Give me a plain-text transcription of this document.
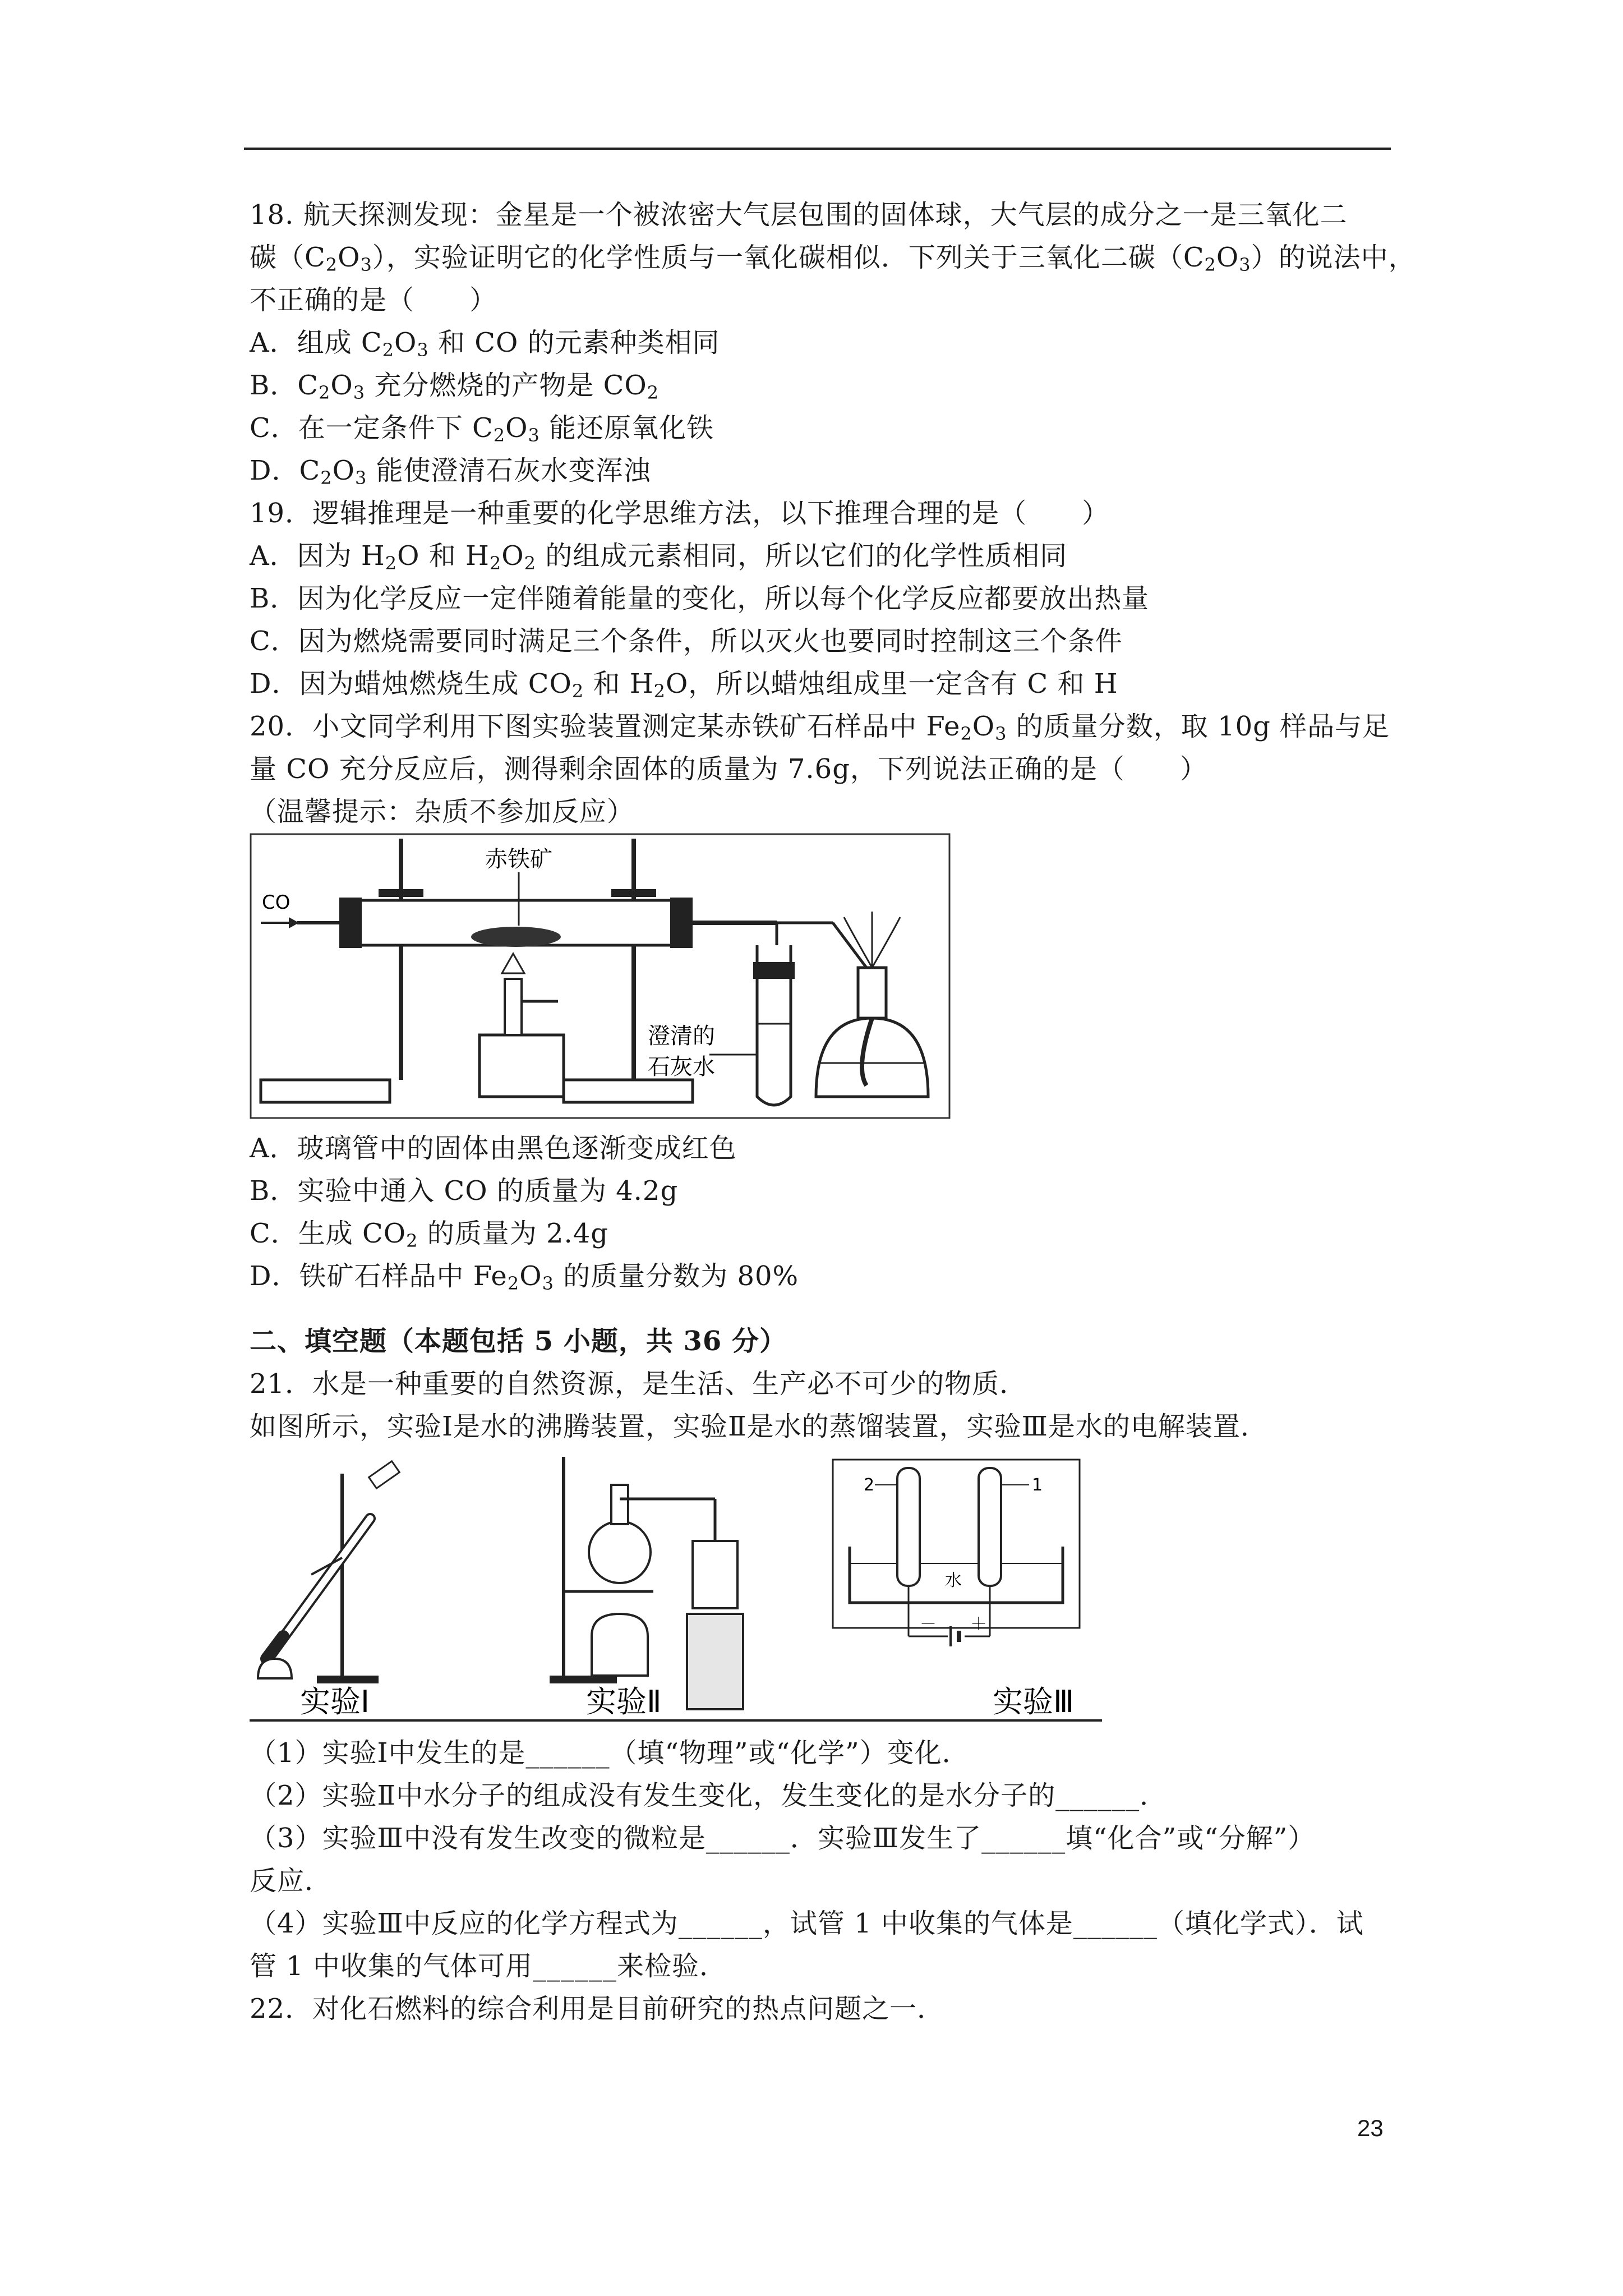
18. 航天探测发现：金星是一个被浓密大气层包围的固体球，大气层的成分之一是三氧化二
碳$(C_2O_3)$，实验证明它的化学性质与一氧化碳相似．下列关于三氧化二碳$(C_2O_3)$的说法中，
不正确的是（　　）
A．组成 $C_2O_3$ 和 CO 的元素种类相同
B．$C_2O_3$ 充分燃烧的产物是 $CO_2$
C．在一定条件下 $C_2O_3$ 能还原氧化铁
D．$C_2O_3$ 能使澄清石灰水变浑浊
19．逻辑推理是一种重要的化学思维方法，以下推理合理的是（　　）
A．因为 $H_2O$ 和 $H_2O_2$ 的组成元素相同，所以它们的化学性质相同
B．因为化学反应一定伴随着能量的变化，所以每个化学反应都要放出热量
C．因为燃烧需要同时满足三个条件，所以灭火也要同时控制这三个条件
D．因为蜡烛燃烧生成 $CO_2$ 和 $H_2O$，所以蜡烛组成里一定含有 C 和 H
20．小文同学利用下图实验装置测定某赤铁矿石样品中 $Fe_2O_3$ 的质量分数，取 10g 样品与足
量 CO 充分反应后，测得剩余固体的质量为 7.6g，下列说法正确的是（　　）
（温馨提示：杂质不参加反应）
CO
赤铁矿
澄清的
石灰水
A．玻璃管中的固体由黑色逐渐变成红色
B．实验中通入 CO 的质量为 4.2g
C．生成 $CO_2$ 的质量为 2.4g
D．铁矿石样品中 $Fe_2O_3$ 的质量分数为 80%
二、填空题（本题包括 5 小题，共 36 分）
21．水是一种重要的自然资源，是生活、生产必不可少的物质．
如图所示，实验Ⅰ是水的沸腾装置，实验Ⅱ是水的蒸馏装置，实验Ⅲ是水的电解装置．
实验Ⅰ	实验Ⅱ
2	1
水
－ ＋
实验Ⅲ
（1）实验Ⅰ中发生的是______（填“物理”或“化学”）变化．
（2）实验Ⅱ中水分子的组成没有发生变化，发生变化的是水分子的______．
（3）实验Ⅲ中没有发生改变的微粒是______．实验Ⅲ发生了______填“化合”或“分解”）
反应．
（4）实验Ⅲ中反应的化学方程式为______，试管 1 中收集的气体是______（填化学式）．试
管 1 中收集的气体可用______来检验．
22．对化石燃料的综合利用是目前研究的热点问题之一．
23
